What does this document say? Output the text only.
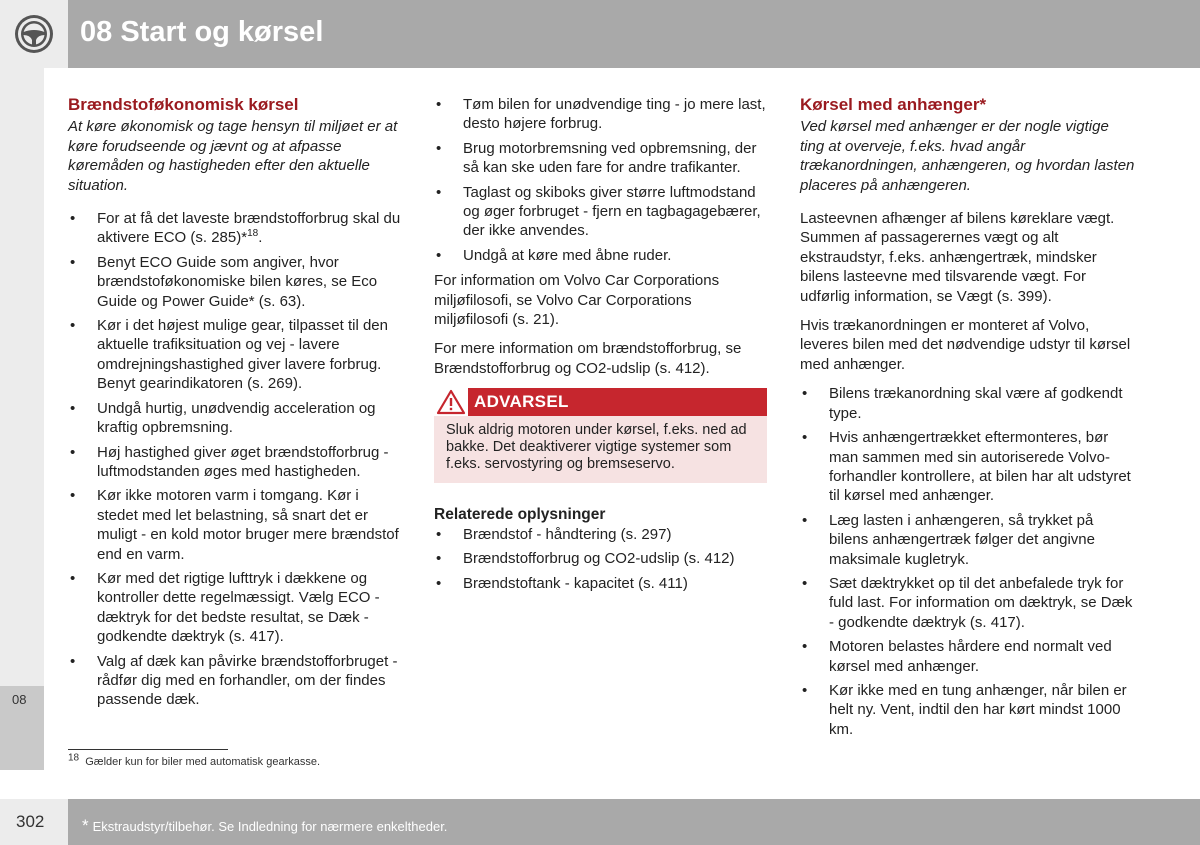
08 Start og kørsel
08
Brændstoføkonomisk kørsel
At køre økonomisk og tage hensyn til miljøet er at køre forudseende og jævnt og at afpasse køremåden og hastigheden efter den aktuelle situation.
• For at få det laveste brændstofforbrug skal du aktivere ECO (s. 285)*$^{18}$.
• Benyt ECO Guide som angiver, hvor brændstoføkonomiske bilen køres, se Eco Guide og Power Guide* (s. 63).
• Kør i det højest mulige gear, tilpasset til den aktuelle trafiksituation og vej - lavere omdrejningshastighed giver lavere forbrug. Benyt gearindikatoren (s. 269).
• Undgå hurtig, unødvendig acceleration og kraftig opbremsning.
• Høj hastighed giver øget brændstofforbrug - luftmodstanden øges med hastigheden.
• Kør ikke motoren varm i tomgang. Kør i stedet med let belastning, så snart det er muligt - en kold motor bruger mere brændstof end en varm.
• Kør med det rigtige lufttryk i dækkene og kontroller dette regelmæssigt. Vælg ECO -dæktryk for det bedste resultat, se Dæk - godkendte dæktryk (s. 417).
• Valg af dæk kan påvirke brændstofforbruget - rådfør dig med en forhandler, om der findes passende dæk.
• Tøm bilen for unødvendige ting - jo mere last, desto højere forbrug.
• Brug motorbremsning ved opbremsning, der så kan ske uden fare for andre trafikanter.
• Taglast og skiboks giver større luftmodstand og øger forbruget - fjern en tagbagagebærer, der ikke anvendes.
• Undgå at køre med åbne ruder.

For information om Volvo Car Corporations miljøfilosofi, se Volvo Car Corporations miljøfilosofi (s. 21).

For mere information om brændstofforbrug, se Brændstofforbrug og CO2-udslip (s. 412).

ADVARSEL
Sluk aldrig motoren under kørsel, f.eks. ned ad bakke. Det deaktiverer vigtige systemer som f.eks. servostyring og bremseservo.
Relaterede oplysninger
• Brændstof - håndtering (s. 297)
• Brændstofforbrug og CO2-udslip (s. 412)
• Brændstoftank - kapacitet (s. 411)
Kørsel med anhænger*
Ved kørsel med anhænger er der nogle vigtige ting at overveje, f.eks. hvad angår trækanordningen, anhængeren, og hvordan lasten placeres på anhængeren.

Lasteevnen afhænger af bilens køreklare vægt. Summen af passagerernes vægt og alt ekstraudstyr, f.eks. anhængertræk, mindsker bilens lasteevne med tilsvarende vægt. For udførlig information, se Vægt (s. 399).

Hvis trækanordningen er monteret af Volvo, leveres bilen med det nødvendige udstyr til kørsel med anhænger.

• Bilens trækanordning skal være af godkendt type.
• Hvis anhængertrækket eftermonteres, bør man sammen med sin autoriserede Volvo-forhandler kontrollere, at bilen har alt udstyret til kørsel med anhænger.
• Læg lasten i anhængeren, så trykket på bilens anhængertræk følger det angivne maksimale kugletryk.
• Sæt dæktrykket op til det anbefalede tryk for fuld last. For information om dæktryk, se Dæk - godkendte dæktryk (s. 417).
• Motoren belastes hårdere end normalt ved kørsel med anhænger.
• Kør ikke med en tung anhænger, når bilen er helt ny. Vent, indtil den har kørt mindst 1000 km.
$^{18}$ Gælder kun for biler med automatisk gearkasse.
302 * Ekstraudstyr/tilbehør. Se Indledning for nærmere enkeltheder.
